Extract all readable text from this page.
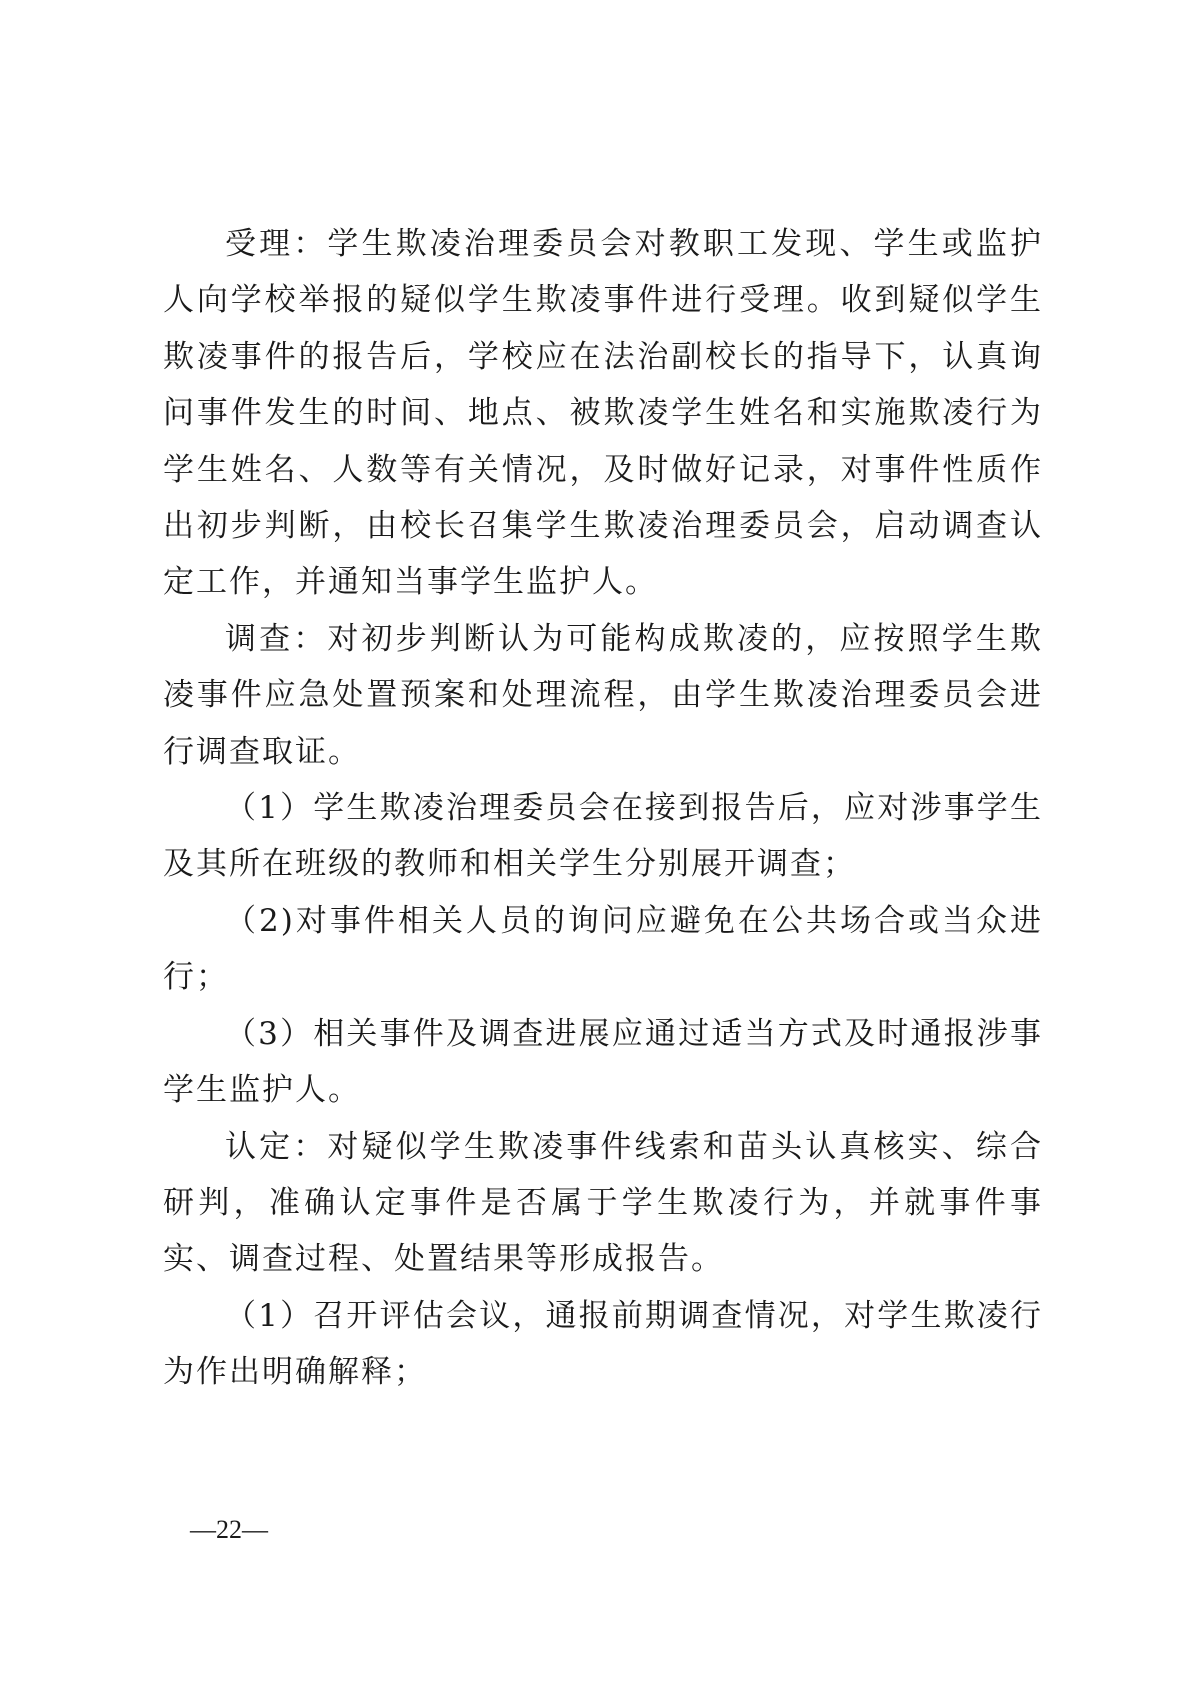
受理：学生欺凌治理委员会对教职工发现、学生或监护人向学校举报的疑似学生欺凌事件进行受理。收到疑似学生欺凌事件的报告后，学校应在法治副校长的指导下，认真询问事件发生的时间、地点、被欺凌学生姓名和实施欺凌行为学生姓名、人数等有关情况，及时做好记录，对事件性质作出初步判断，由校长召集学生欺凌治理委员会，启动调查认定工作，并通知当事学生监护人。

调查：对初步判断认为可能构成欺凌的，应按照学生欺凌事件应急处置预案和处理流程，由学生欺凌治理委员会进行调查取证。

（1）学生欺凌治理委员会在接到报告后，应对涉事学生及其所在班级的教师和相关学生分别展开调查；

（2)对事件相关人员的询问应避免在公共场合或当众进行；

（3）相关事件及调查进展应通过适当方式及时通报涉事学生监护人。

认定：对疑似学生欺凌事件线索和苗头认真核实、综合研判，准确认定事件是否属于学生欺凌行为，并就事件事实、调查过程、处置结果等形成报告。

（1）召开评估会议，通报前期调查情况，对学生欺凌行为作出明确解释；

—22—
